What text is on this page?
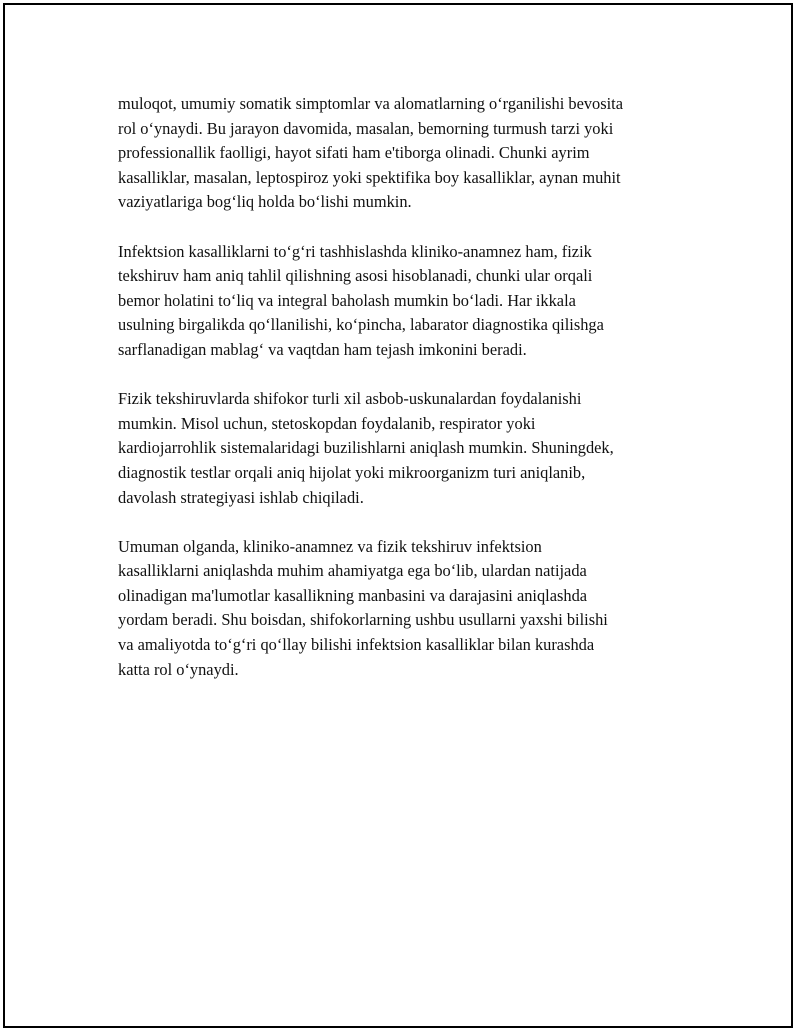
muloqot, umumiy somatik simptomlar va alomatlarning o‘rganilishi bevosita
rol o‘ynaydi. Bu jarayon davomida, masalan, bemorning turmush tarzi yoki
professionallik faolligi, hayot sifati ham e'tiborga olinadi. Chunki ayrim
kasalliklar, masalan, leptospiroz yoki spektifika boy kasalliklar, aynan muhit
vaziyatlariga bog‘liq holda bo‘lishi mumkin.

Infektsion kasalliklarni to‘g‘ri tashhislashda kliniko-anamnez ham, fizik
tekshiruv ham aniq tahlil qilishning asosi hisoblanadi, chunki ular orqali
bemor holatini to‘liq va integral baholash mumkin bo‘ladi. Har ikkala
usulning birgalikda qo‘llanilishi, ko‘pincha, labarator diagnostika qilishga
sarflanadigan mablag‘ va vaqtdan ham tejash imkonini beradi.

Fizik tekshiruvlarda shifokor turli xil asbob-uskunalardan foydalanishi
mumkin. Misol uchun, stetoskopdan foydalanib, respirator yoki
kardiojarrohlik sistemalaridagi buzilishlarni aniqlash mumkin. Shuningdek,
diagnostik testlar orqali aniq hijolat yoki mikroorganizm turi aniqlanib,
davolash strategiyasi ishlab chiqiladi.

Umuman olganda, kliniko-anamnez va fizik tekshiruv infektsion
kasalliklarni aniqlashda muhim ahamiyatga ega bo‘lib, ulardan natijada
olinadigan ma'lumotlar kasallikning manbasini va darajasini aniqlashda
yordam beradi. Shu boisdan, shifokorlarning ushbu usullarni yaxshi bilishi
va amaliyotda to‘g‘ri qo‘llay bilishi infektsion kasalliklar bilan kurashda
katta rol o‘ynaydi.
